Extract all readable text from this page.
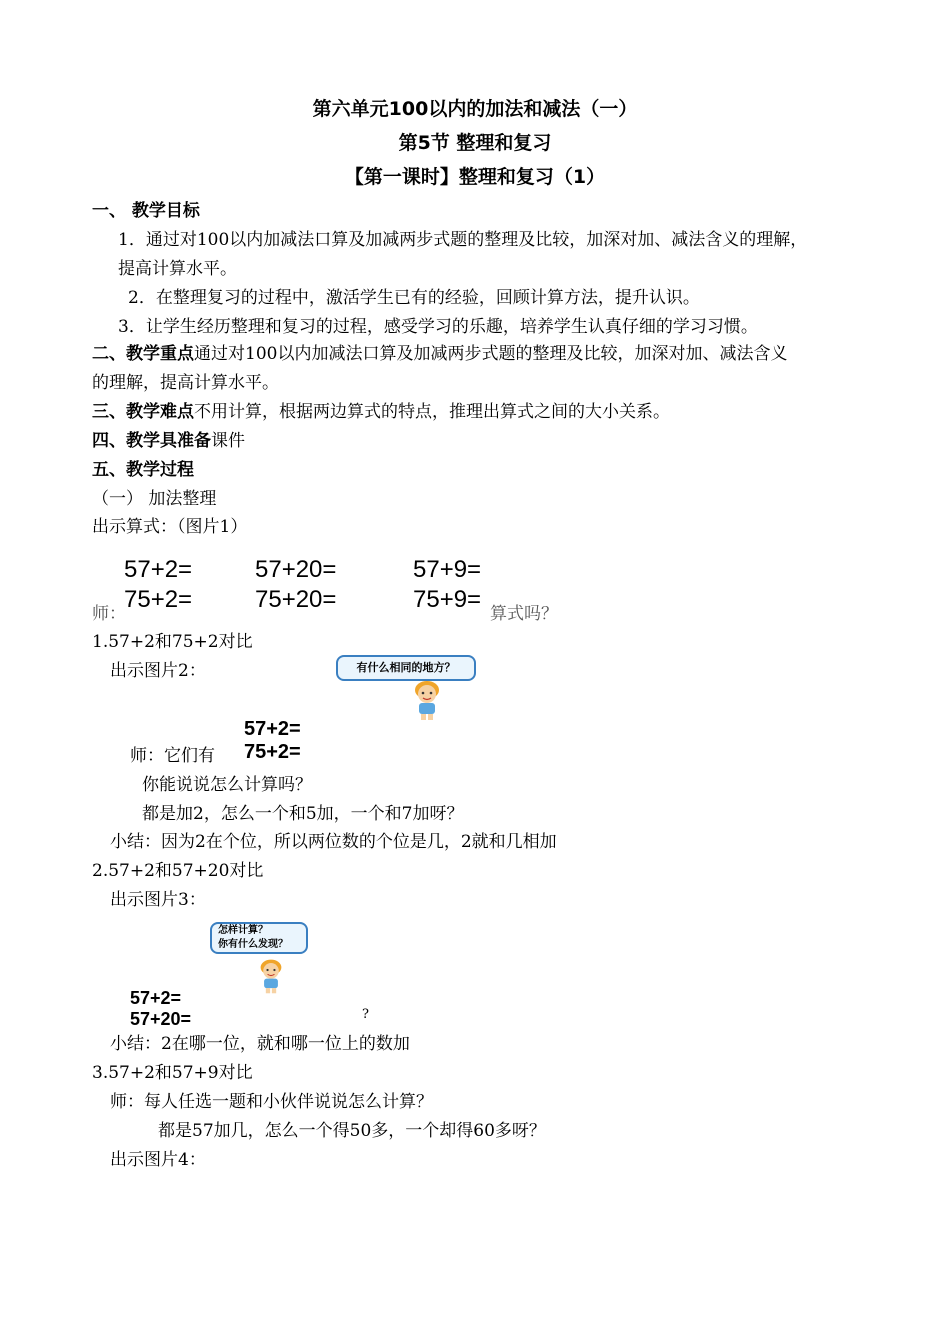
第六单元100以内的加法和减法（一）
第5节 整理和复习
【第一课时】整理和复习（1）
一、 教学目标
1．通过对100以内加减法口算及加减两步式题的整理及比较，加深对加、减法含义的理解，
提高计算水平。
2．在整理复习的过程中，激活学生已有的经验，回顾计算方法，提升认识。
3．让学生经历整理和复习的过程，感受学习的乐趣，培养学生认真仔细的学习习惯。
二、教学重点通过对100以内加减法口算及加减两步式题的整理及比较，加深对加、减法含义
的理解，提高计算水平。
三、教学难点不用计算，根据两边算式的特点，推理出算式之间的大小关系。
四、教学具准备课件
五、教学过程
（一） 加法整理
出示算式：（图片1）
57+2=	57+20=	57+9=
师：	算式吗？
75+2=	75+20=	75+9=
1.57+2和75+2对比
出示图片2：	有什么相同的地方？
57+2=
师：它们有 75+2=
你能说说怎么计算吗？
都是加2，怎么一个和5加，一个和7加呀？
小结：因为2在个位，所以两位数的个位是几，2就和几相加
2.57+2和57+20对比
出示图片3：
怎样计算？
你有什么发现？
57+2=
57+20=	?
小结：2在哪一位，就和哪一位上的数加
3.57+2和57+9对比
师：每人任选一题和小伙伴说说怎么计算？
都是57加几，怎么一个得50多，一个却得60多呀？
出示图片4：
